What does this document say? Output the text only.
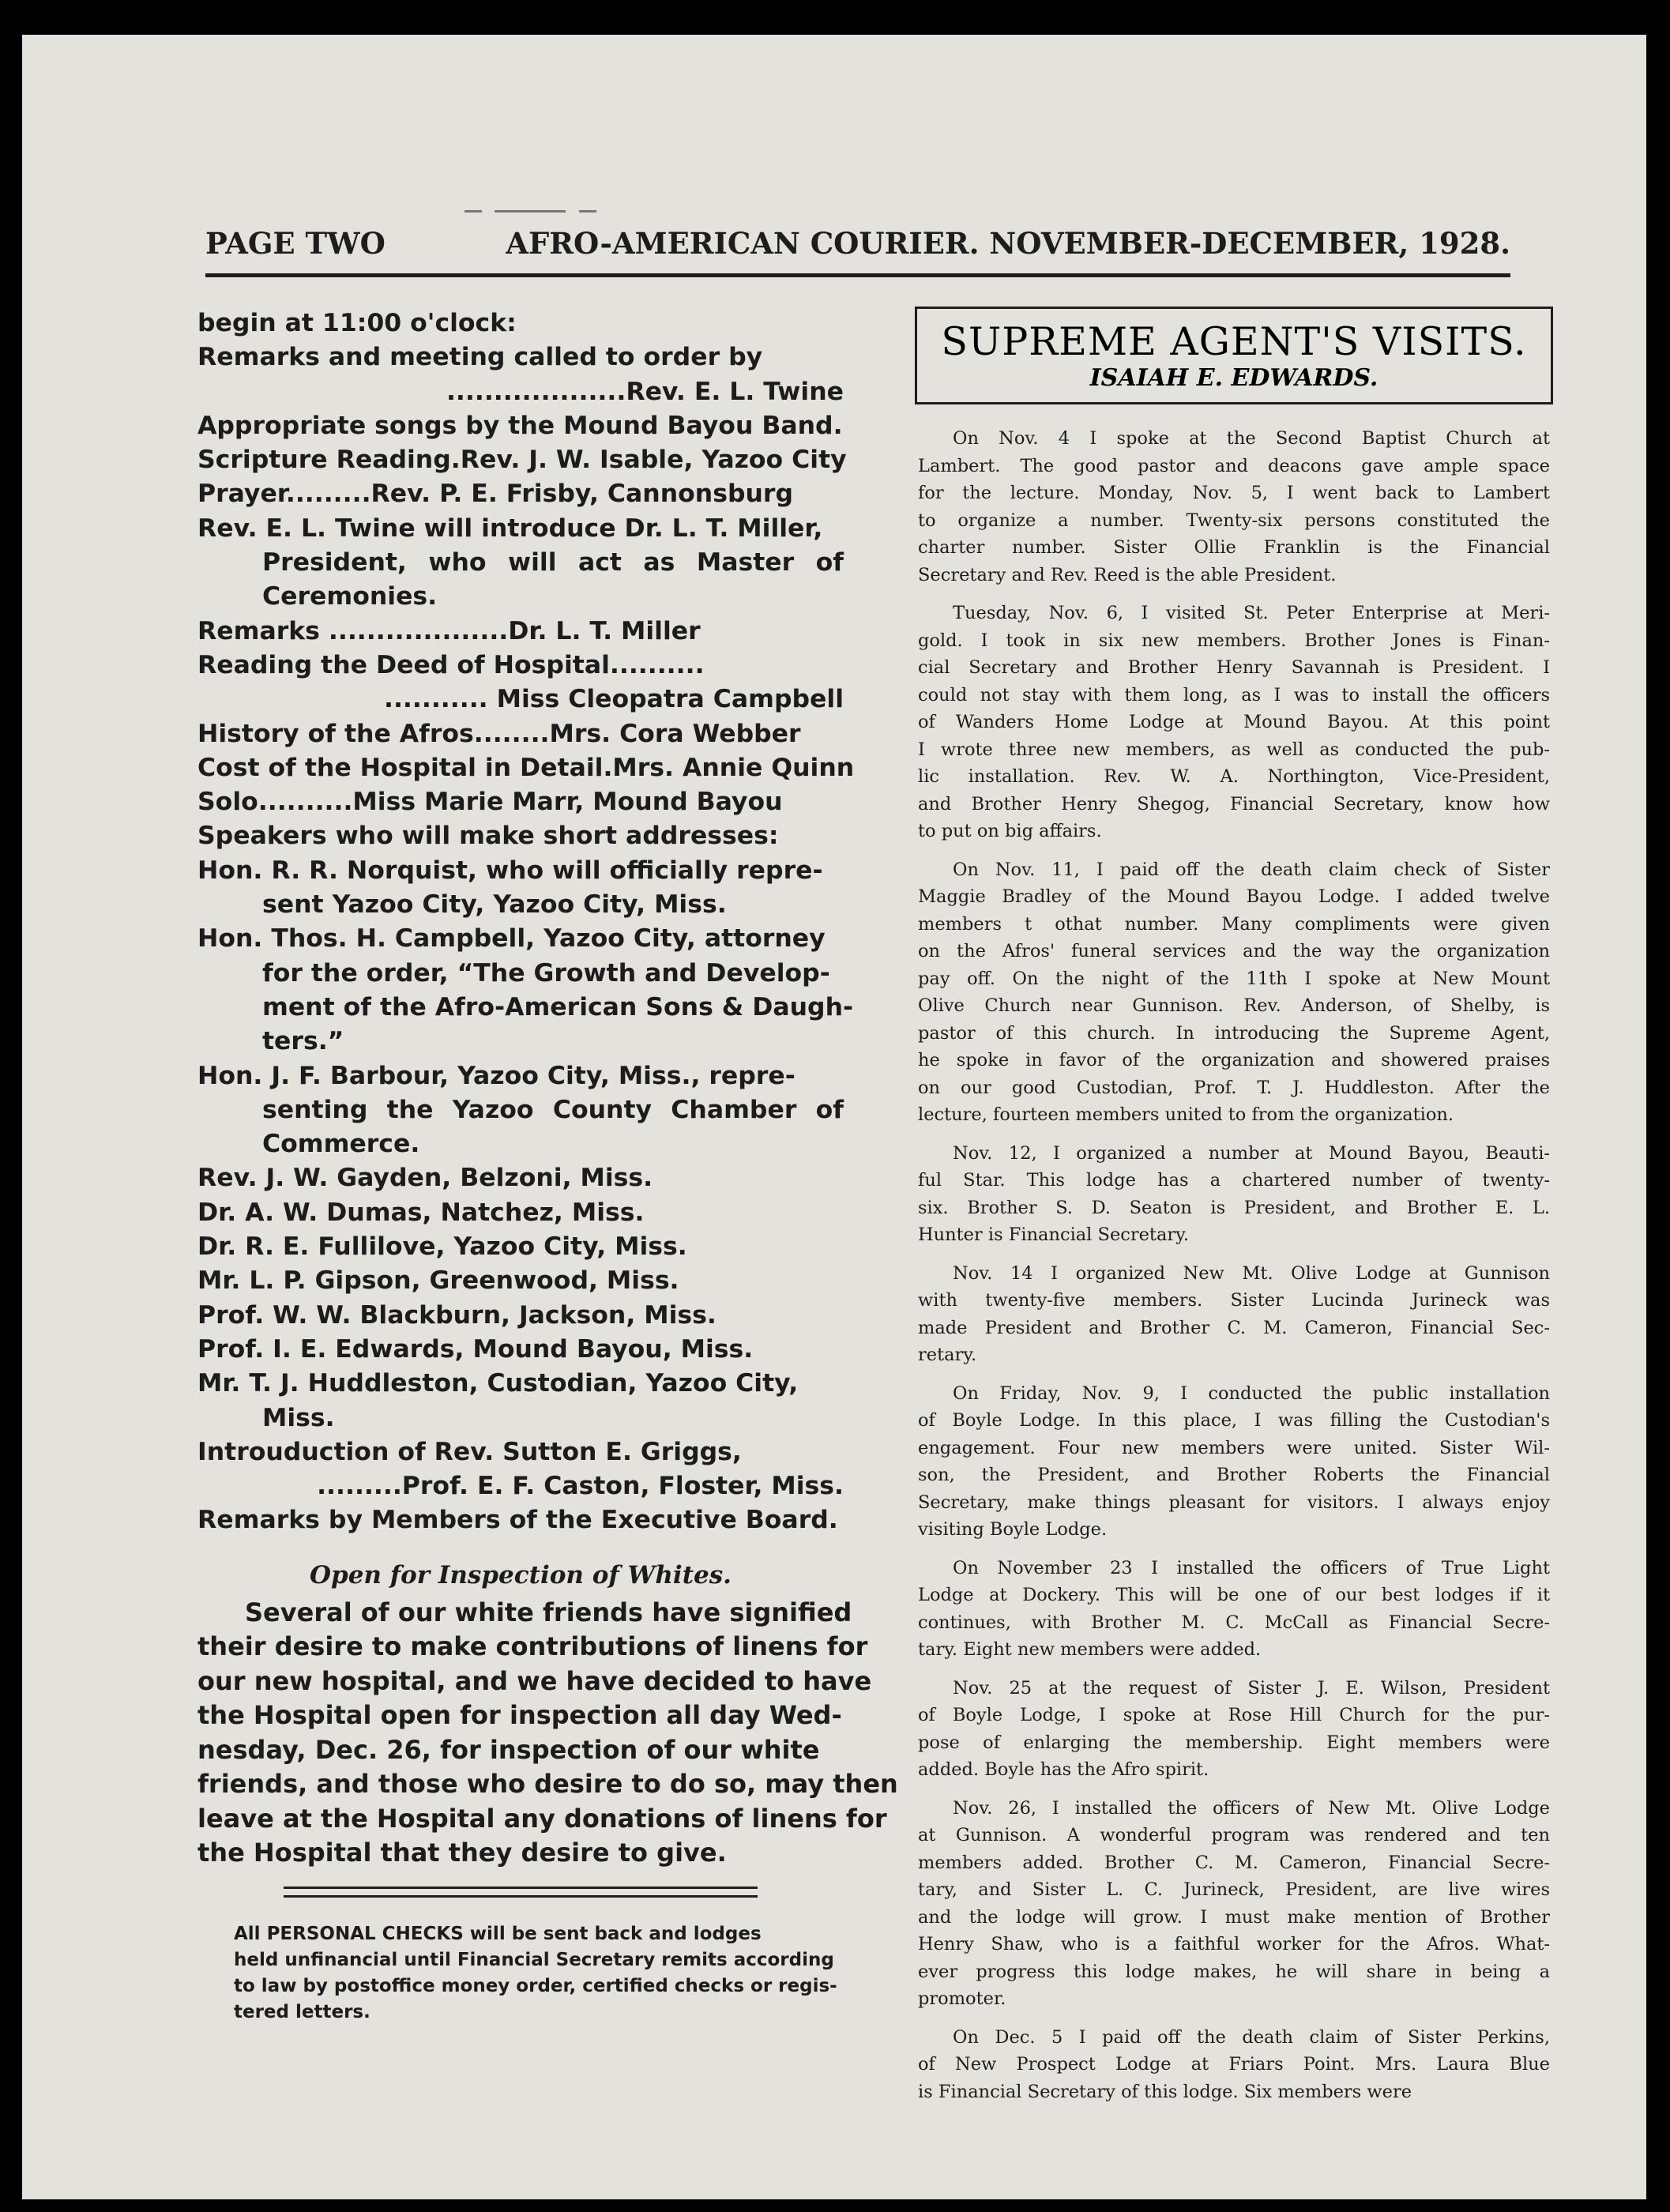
PAGE TWO	AFRO-AMERICAN COURIER. NOVEMBER-DECEMBER, 1928.
begin at 11:00 o'clock:
Remarks and meeting called to order by
...................Rev. E. L. Twine
Appropriate songs by the Mound Bayou Band.
Scripture Reading.Rev. J. W. Isable, Yazoo City
Prayer.........Rev. P. E. Frisby, Cannonsburg
Rev. E. L. Twine will introduce Dr. L. T. Miller,
President, who will act as Master of
Ceremonies.
Remarks ...................Dr. L. T. Miller
Reading the Deed of Hospital..........
........... Miss Cleopatra Campbell
History of the Afros........Mrs. Cora Webber
Cost of the Hospital in Detail.Mrs. Annie Quinn
Solo..........Miss Marie Marr, Mound Bayou
Speakers who will make short addresses:
Hon. R. R. Norquist, who will officially repre-
sent Yazoo City, Yazoo City, Miss.
Hon. Thos. H. Campbell, Yazoo City, attorney
for the order, “The Growth and Develop-
ment of the Afro-American Sons & Daugh-
ters.”
Hon. J. F. Barbour, Yazoo City, Miss., repre-
senting the Yazoo County Chamber of
Commerce.
Rev. J. W. Gayden, Belzoni, Miss.
Dr. A. W. Dumas, Natchez, Miss.
Dr. R. E. Fullilove, Yazoo City, Miss.
Mr. L. P. Gipson, Greenwood, Miss.
Prof. W. W. Blackburn, Jackson, Miss.
Prof. I. E. Edwards, Mound Bayou, Miss.
Mr. T. J. Huddleston, Custodian, Yazoo City,
Miss.
Introuduction of Rev. Sutton E. Griggs,
.........Prof. E. F. Caston, Floster, Miss.
Remarks by Members of the Executive Board.
Open for Inspection of Whites.
Several of our white friends have signified
their desire to make contributions of linens for
our new hospital, and we have decided to have
the Hospital open for inspection all day Wed-
nesday, Dec. 26, for inspection of our white
friends, and those who desire to do so, may then
leave at the Hospital any donations of linens for
the Hospital that they desire to give.
All PERSONAL CHECKS will be sent back and lodges
held unfinancial until Financial Secretary remits according
to law by postoffice money order, certified checks or regis-
tered letters.
SUPREME AGENT'S VISITS.
ISAIAH E. EDWARDS.
On Nov. 4 I spoke at the Second Baptist Church at
Lambert. The good pastor and deacons gave ample space
for the lecture. Monday, Nov. 5, I went back to Lambert
to organize a number. Twenty-six persons constituted the
charter number. Sister Ollie Franklin is the Financial
Secretary and Rev. Reed is the able President.
Tuesday, Nov. 6, I visited St. Peter Enterprise at Meri-
gold. I took in six new members. Brother Jones is Finan-
cial Secretary and Brother Henry Savannah is President. I
could not stay with them long, as I was to install the officers
of Wanders Home Lodge at Mound Bayou. At this point
I wrote three new members, as well as conducted the pub-
lic installation. Rev. W. A. Northington, Vice-President,
and Brother Henry Shegog, Financial Secretary, know how
to put on big affairs.
On Nov. 11, I paid off the death claim check of Sister
Maggie Bradley of the Mound Bayou Lodge. I added twelve
members t othat number. Many compliments were given
on the Afros' funeral services and the way the organization
pay off. On the night of the 11th I spoke at New Mount
Olive Church near Gunnison. Rev. Anderson, of Shelby, is
pastor of this church. In introducing the Supreme Agent,
he spoke in favor of the organization and showered praises
on our good Custodian, Prof. T. J. Huddleston. After the
lecture, fourteen members united to from the organization.
Nov. 12, I organized a number at Mound Bayou, Beauti-
ful Star. This lodge has a chartered number of twenty-
six. Brother S. D. Seaton is President, and Brother E. L.
Hunter is Financial Secretary.
Nov. 14 I organized New Mt. Olive Lodge at Gunnison
with twenty-five members. Sister Lucinda Jurineck was
made President and Brother C. M. Cameron, Financial Sec-
retary.
On Friday, Nov. 9, I conducted the public installation
of Boyle Lodge. In this place, I was filling the Custodian's
engagement. Four new members were united. Sister Wil-
son, the President, and Brother Roberts the Financial
Secretary, make things pleasant for visitors. I always enjoy
visiting Boyle Lodge.
On November 23 I installed the officers of True Light
Lodge at Dockery. This will be one of our best lodges if it
continues, with Brother M. C. McCall as Financial Secre-
tary. Eight new members were added.
Nov. 25 at the request of Sister J. E. Wilson, President
of Boyle Lodge, I spoke at Rose Hill Church for the pur-
pose of enlarging the membership. Eight members were
added. Boyle has the Afro spirit.
Nov. 26, I installed the officers of New Mt. Olive Lodge
at Gunnison. A wonderful program was rendered and ten
members added. Brother C. M. Cameron, Financial Secre-
tary, and Sister L. C. Jurineck, President, are live wires
and the lodge will grow. I must make mention of Brother
Henry Shaw, who is a faithful worker for the Afros. What-
ever progress this lodge makes, he will share in being a
promoter.
On Dec. 5 I paid off the death claim of Sister Perkins,
of New Prospect Lodge at Friars Point. Mrs. Laura Blue
is Financial Secretary of this lodge. Six members were
